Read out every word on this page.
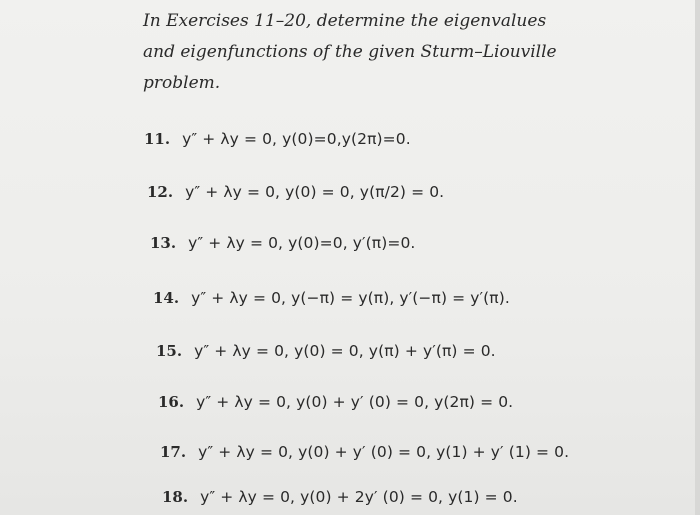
In Exercises 11–20, determine the eigenvalues
and eigenfunctions of the given Sturm–Liouville
problem.
11. y″ + λy = 0, y(0)=0,y(2π)=0.
12. y″ + λy = 0, y(0) = 0, y(π/2) = 0.
13. y″ + λy = 0, y(0)=0, y′(π)=0.
14. y″ + λy = 0, y(−π) = y(π), y′(−π) = y′(π).
15. y″ + λy = 0, y(0) = 0, y(π) + y′(π) = 0.
16. y″ + λy = 0, y(0) + y′ (0) = 0, y(2π) = 0.
17. y″ + λy = 0, y(0) + y′ (0) = 0, y(1) + y′ (1) = 0.
18. y″ + λy = 0, y(0) + 2y′ (0) = 0, y(1) = 0.
